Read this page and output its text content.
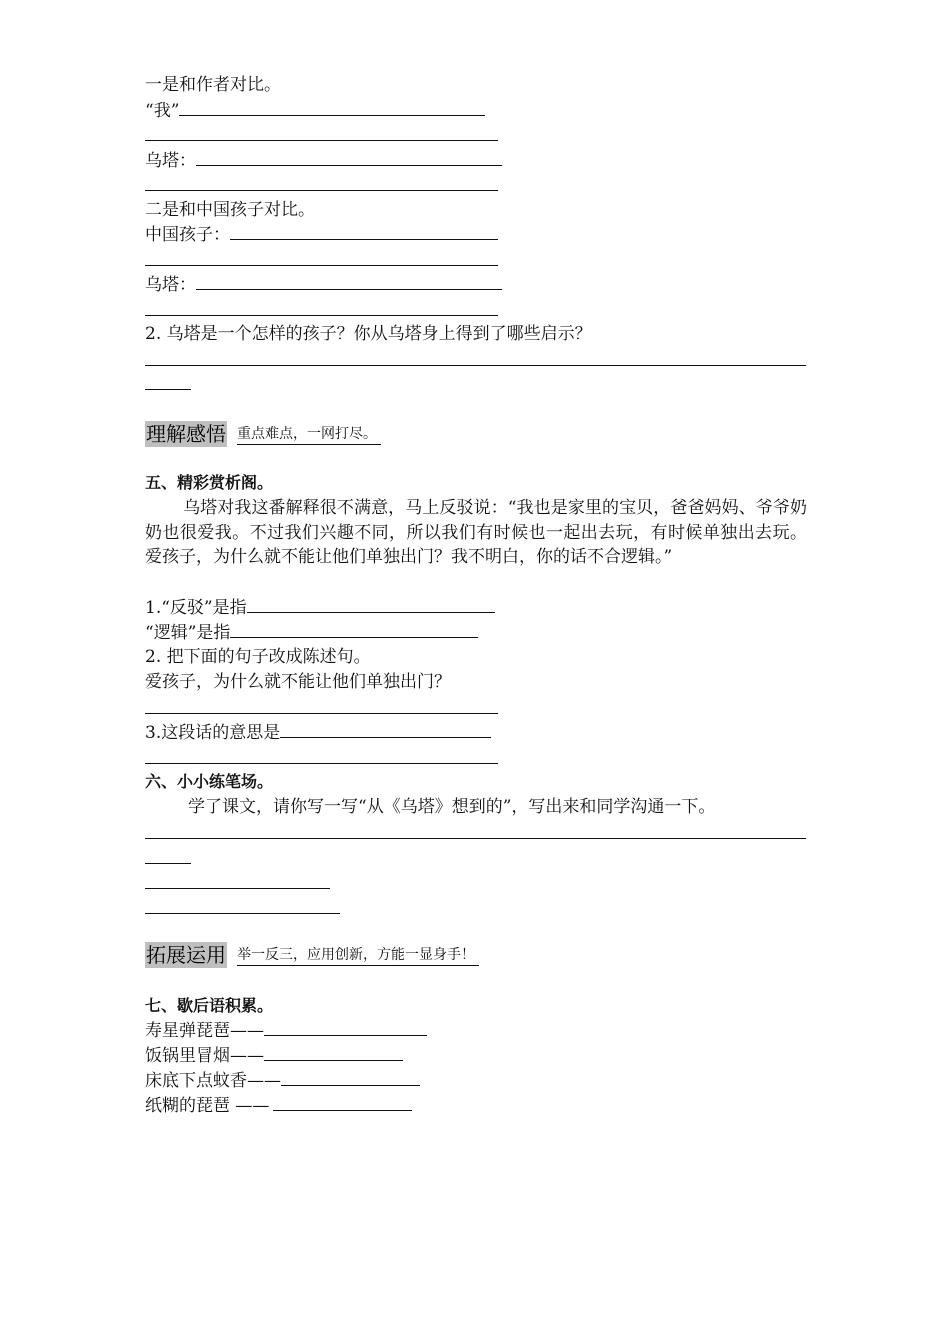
一是和作者对比。
“我”
乌塔：
二是和中国孩子对比。
中国孩子：
乌塔：
2. 乌塔是一个怎样的孩子？你从乌塔身上得到了哪些启示？
理解感悟 重点难点，一网打尽。
五、精彩赏析阁。
乌塔对我这番解释很不满意，马上反驳说：“我也是家里的宝贝，爸爸妈妈、爷爷奶奶也很爱我。不过我们兴趣不同，所以我们有时候也一起出去玩，有时候单独出去玩。爱孩子，为什么就不能让他们单独出门？我不明白，你的话不合逻辑。”
1.“反驳”是指
“逻辑”是指
2. 把下面的句子改成陈述句。
爱孩子，为什么就不能让他们单独出门？
3.这段话的意思是
六、小小练笔场。
学了课文，请你写一写“从《乌塔》想到的”，写出来和同学沟通一下。
拓展运用 举一反三，应用创新，方能一显身手！
七、歇后语积累。
寿星弹琵琶——
饭锅里冒烟——
床底下点蚊香——
纸糊的琵琶 ——
